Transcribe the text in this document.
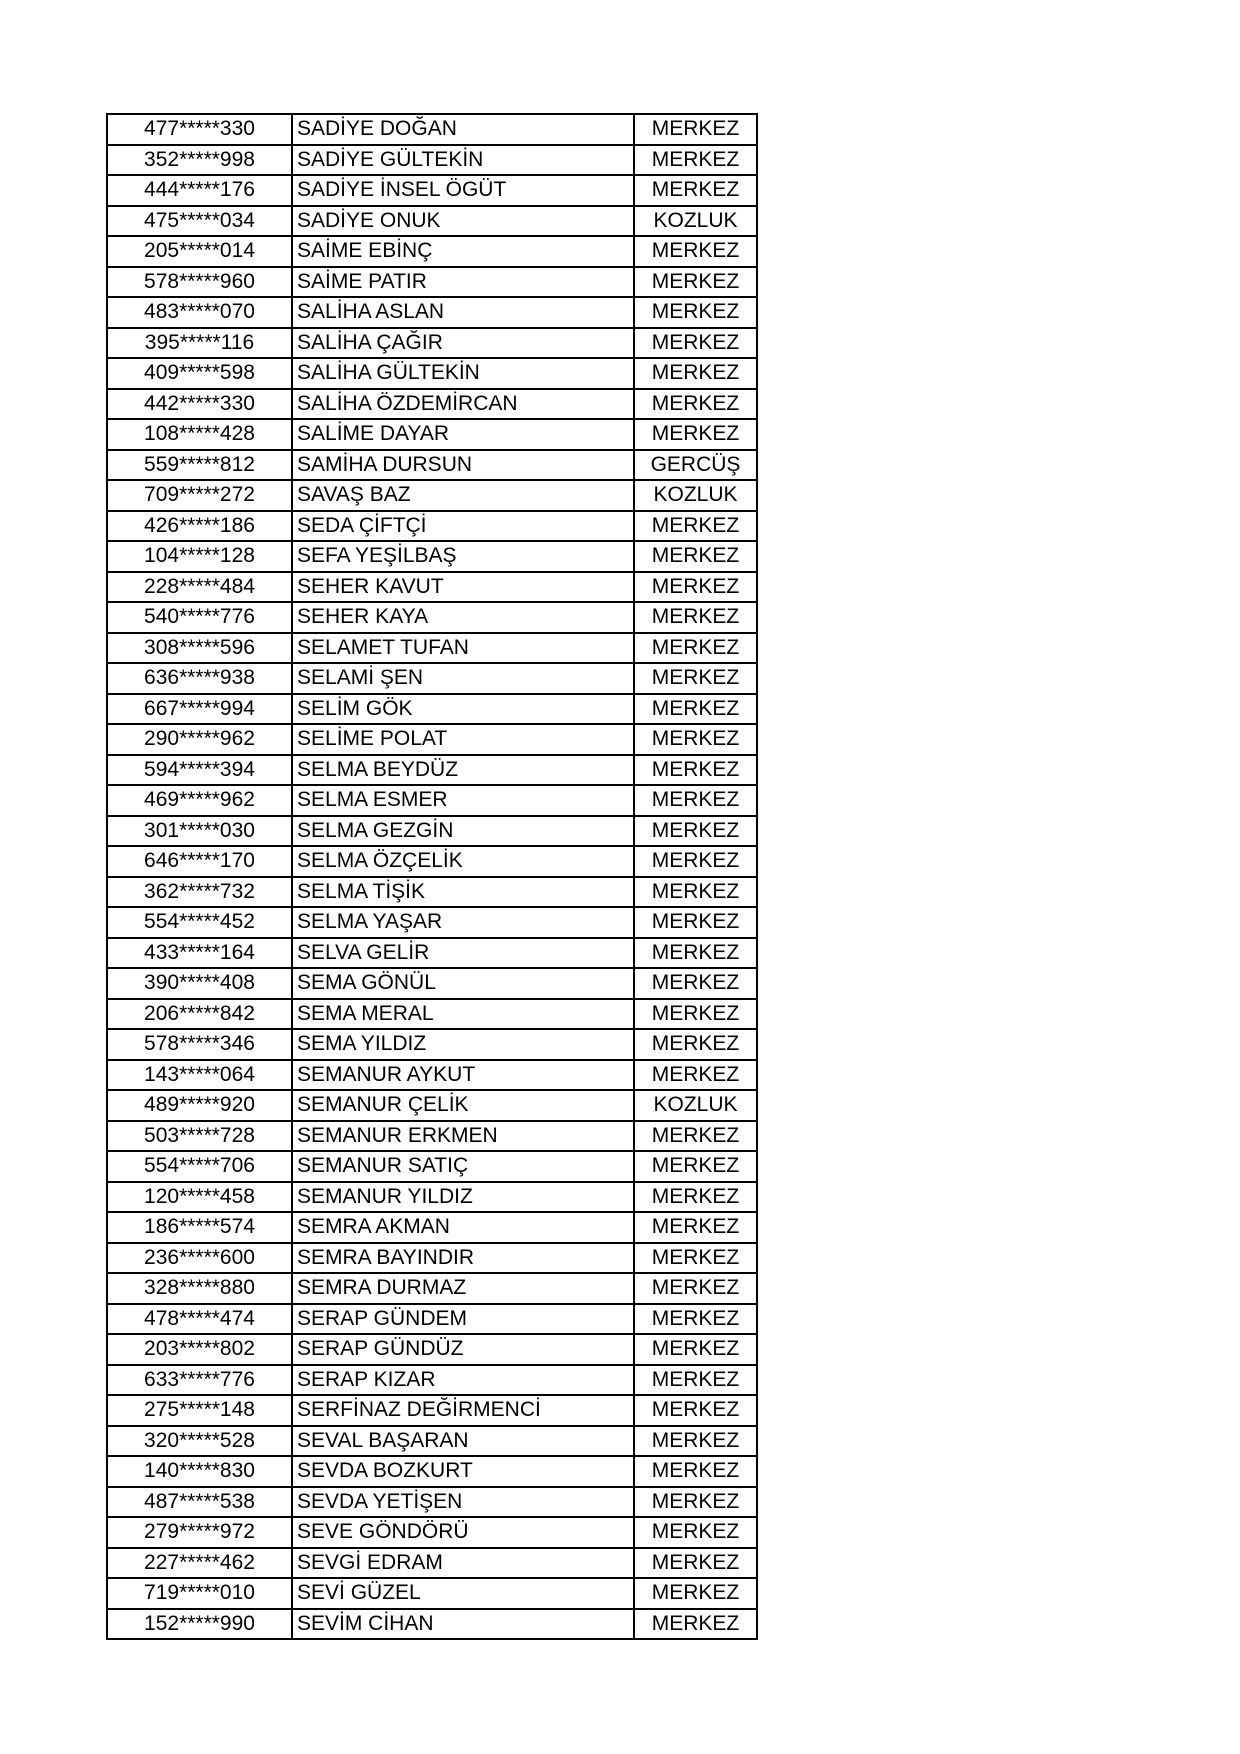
477*****330	SADİYE DOĞAN	MERKEZ
352*****998	SADİYE GÜLTEKİN	MERKEZ
444*****176	SADİYE İNSEL ÖGÜT	MERKEZ
475*****034	SADİYE ONUK	KOZLUK
205*****014	SAİME EBİNÇ	MERKEZ
578*****960	SAİME PATIR	MERKEZ
483*****070	SALİHA ASLAN	MERKEZ
395*****116	SALİHA ÇAĞIR	MERKEZ
409*****598	SALİHA GÜLTEKİN	MERKEZ
442*****330	SALİHA ÖZDEMİRCAN	MERKEZ
108*****428	SALİME DAYAR	MERKEZ
559*****812	SAMİHA DURSUN	GERCÜŞ
709*****272	SAVAŞ BAZ	KOZLUK
426*****186	SEDA ÇİFTÇİ	MERKEZ
104*****128	SEFA YEŞİLBAŞ	MERKEZ
228*****484	SEHER KAVUT	MERKEZ
540*****776	SEHER KAYA	MERKEZ
308*****596	SELAMET TUFAN	MERKEZ
636*****938	SELAMİ ŞEN	MERKEZ
667*****994	SELİM GÖK	MERKEZ
290*****962	SELİME POLAT	MERKEZ
594*****394	SELMA BEYDÜZ	MERKEZ
469*****962	SELMA ESMER	MERKEZ
301*****030	SELMA GEZGİN	MERKEZ
646*****170	SELMA ÖZÇELİK	MERKEZ
362*****732	SELMA TİŞİK	MERKEZ
554*****452	SELMA YAŞAR	MERKEZ
433*****164	SELVA GELİR	MERKEZ
390*****408	SEMA GÖNÜL	MERKEZ
206*****842	SEMA MERAL	MERKEZ
578*****346	SEMA YILDIZ	MERKEZ
143*****064	SEMANUR AYKUT	MERKEZ
489*****920	SEMANUR ÇELİK	KOZLUK
503*****728	SEMANUR ERKMEN	MERKEZ
554*****706	SEMANUR SATIÇ	MERKEZ
120*****458	SEMANUR YILDIZ	MERKEZ
186*****574	SEMRA AKMAN	MERKEZ
236*****600	SEMRA BAYINDIR	MERKEZ
328*****880	SEMRA DURMAZ	MERKEZ
478*****474	SERAP GÜNDEM	MERKEZ
203*****802	SERAP GÜNDÜZ	MERKEZ
633*****776	SERAP KIZAR	MERKEZ
275*****148	SERFİNAZ DEĞİRMENCİ	MERKEZ
320*****528	SEVAL BAŞARAN	MERKEZ
140*****830	SEVDA BOZKURT	MERKEZ
487*****538	SEVDA YETİŞEN	MERKEZ
279*****972	SEVE GÖNDÖRÜ	MERKEZ
227*****462	SEVGİ EDRAM	MERKEZ
719*****010	SEVİ GÜZEL	MERKEZ
152*****990	SEVİM CİHAN	MERKEZ
